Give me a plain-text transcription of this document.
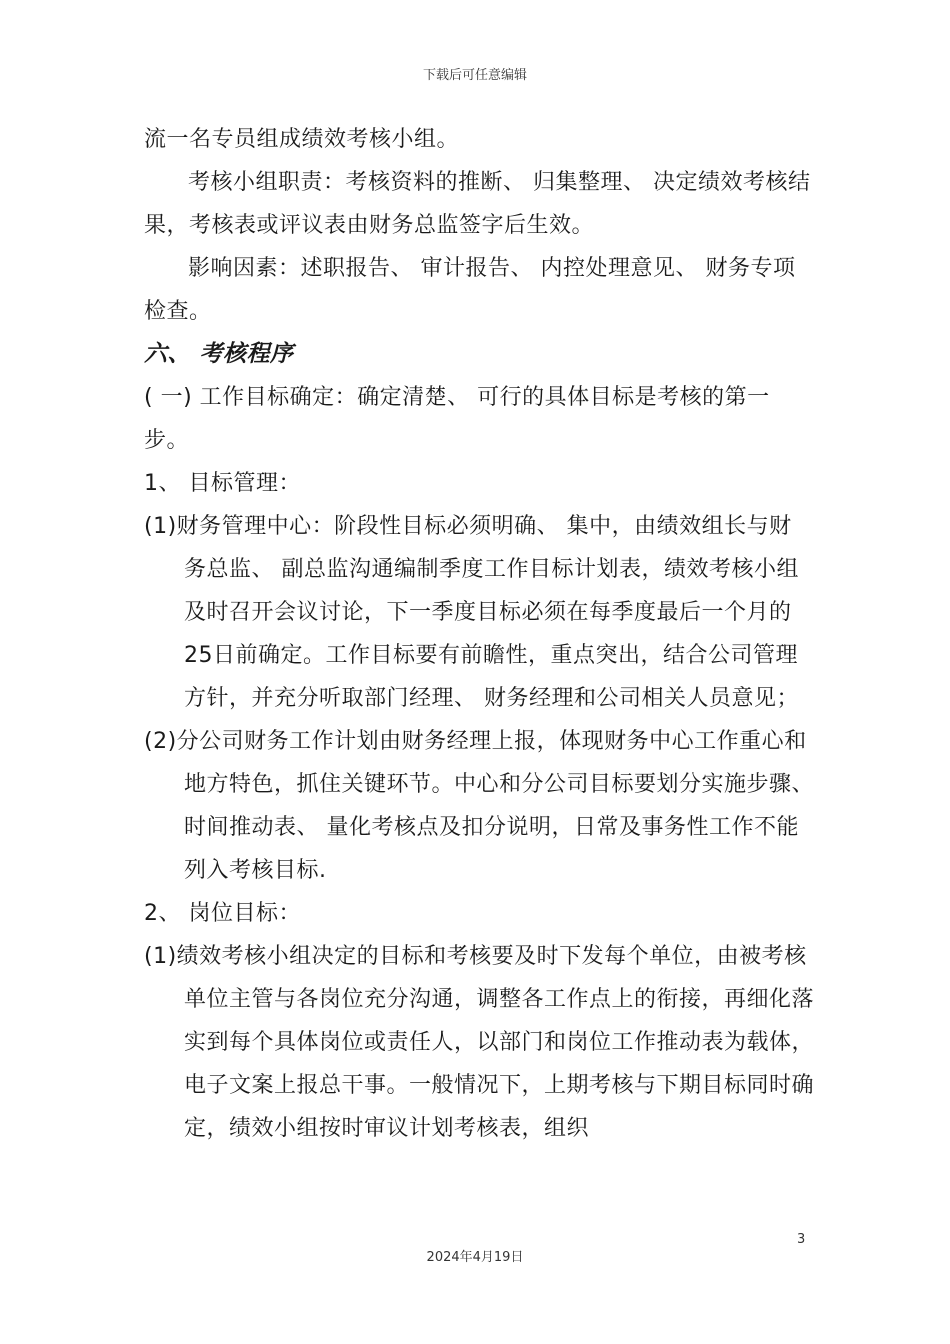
下载后可任意编辑

流一名专员组成绩效考核小组。

考核小组职责：考核资料的推断、 归集整理、 决定绩效考核结果，考核表或评议表由财务总监签字后生效。

影响因素：述职报告、 审计报告、 内控处理意见、 财务专项检查。

六、 考核程序

( 一) 工作目标确定：确定清楚、 可行的具体目标是考核的第一步。

1、 目标管理：

(1)财务管理中心：阶段性目标必须明确、 集中，由绩效组长与财务总监、 副总监沟通编制季度工作目标计划表，绩效考核小组及时召开会议讨论，下一季度目标必须在每季度最后一个月的25日前确定。工作目标要有前瞻性，重点突出，结合公司管理方针，并充分听取部门经理、 财务经理和公司相关人员意见；

(2)分公司财务工作计划由财务经理上报，体现财务中心工作重心和地方特色，抓住关键环节。中心和分公司目标要划分实施步骤、 时间推动表、 量化考核点及扣分说明，日常及事务性工作不能列入考核目标.

2、 岗位目标：

(1)绩效考核小组决定的目标和考核要及时下发每个单位，由被考核单位主管与各岗位充分沟通，调整各工作点上的衔接，再细化落实到每个具体岗位或责任人，以部门和岗位工作推动表为载体，电子文案上报总干事。一般情况下，上期考核与下期目标同时确定，绩效小组按时审议计划考核表，组织

3
2024年4月19日
